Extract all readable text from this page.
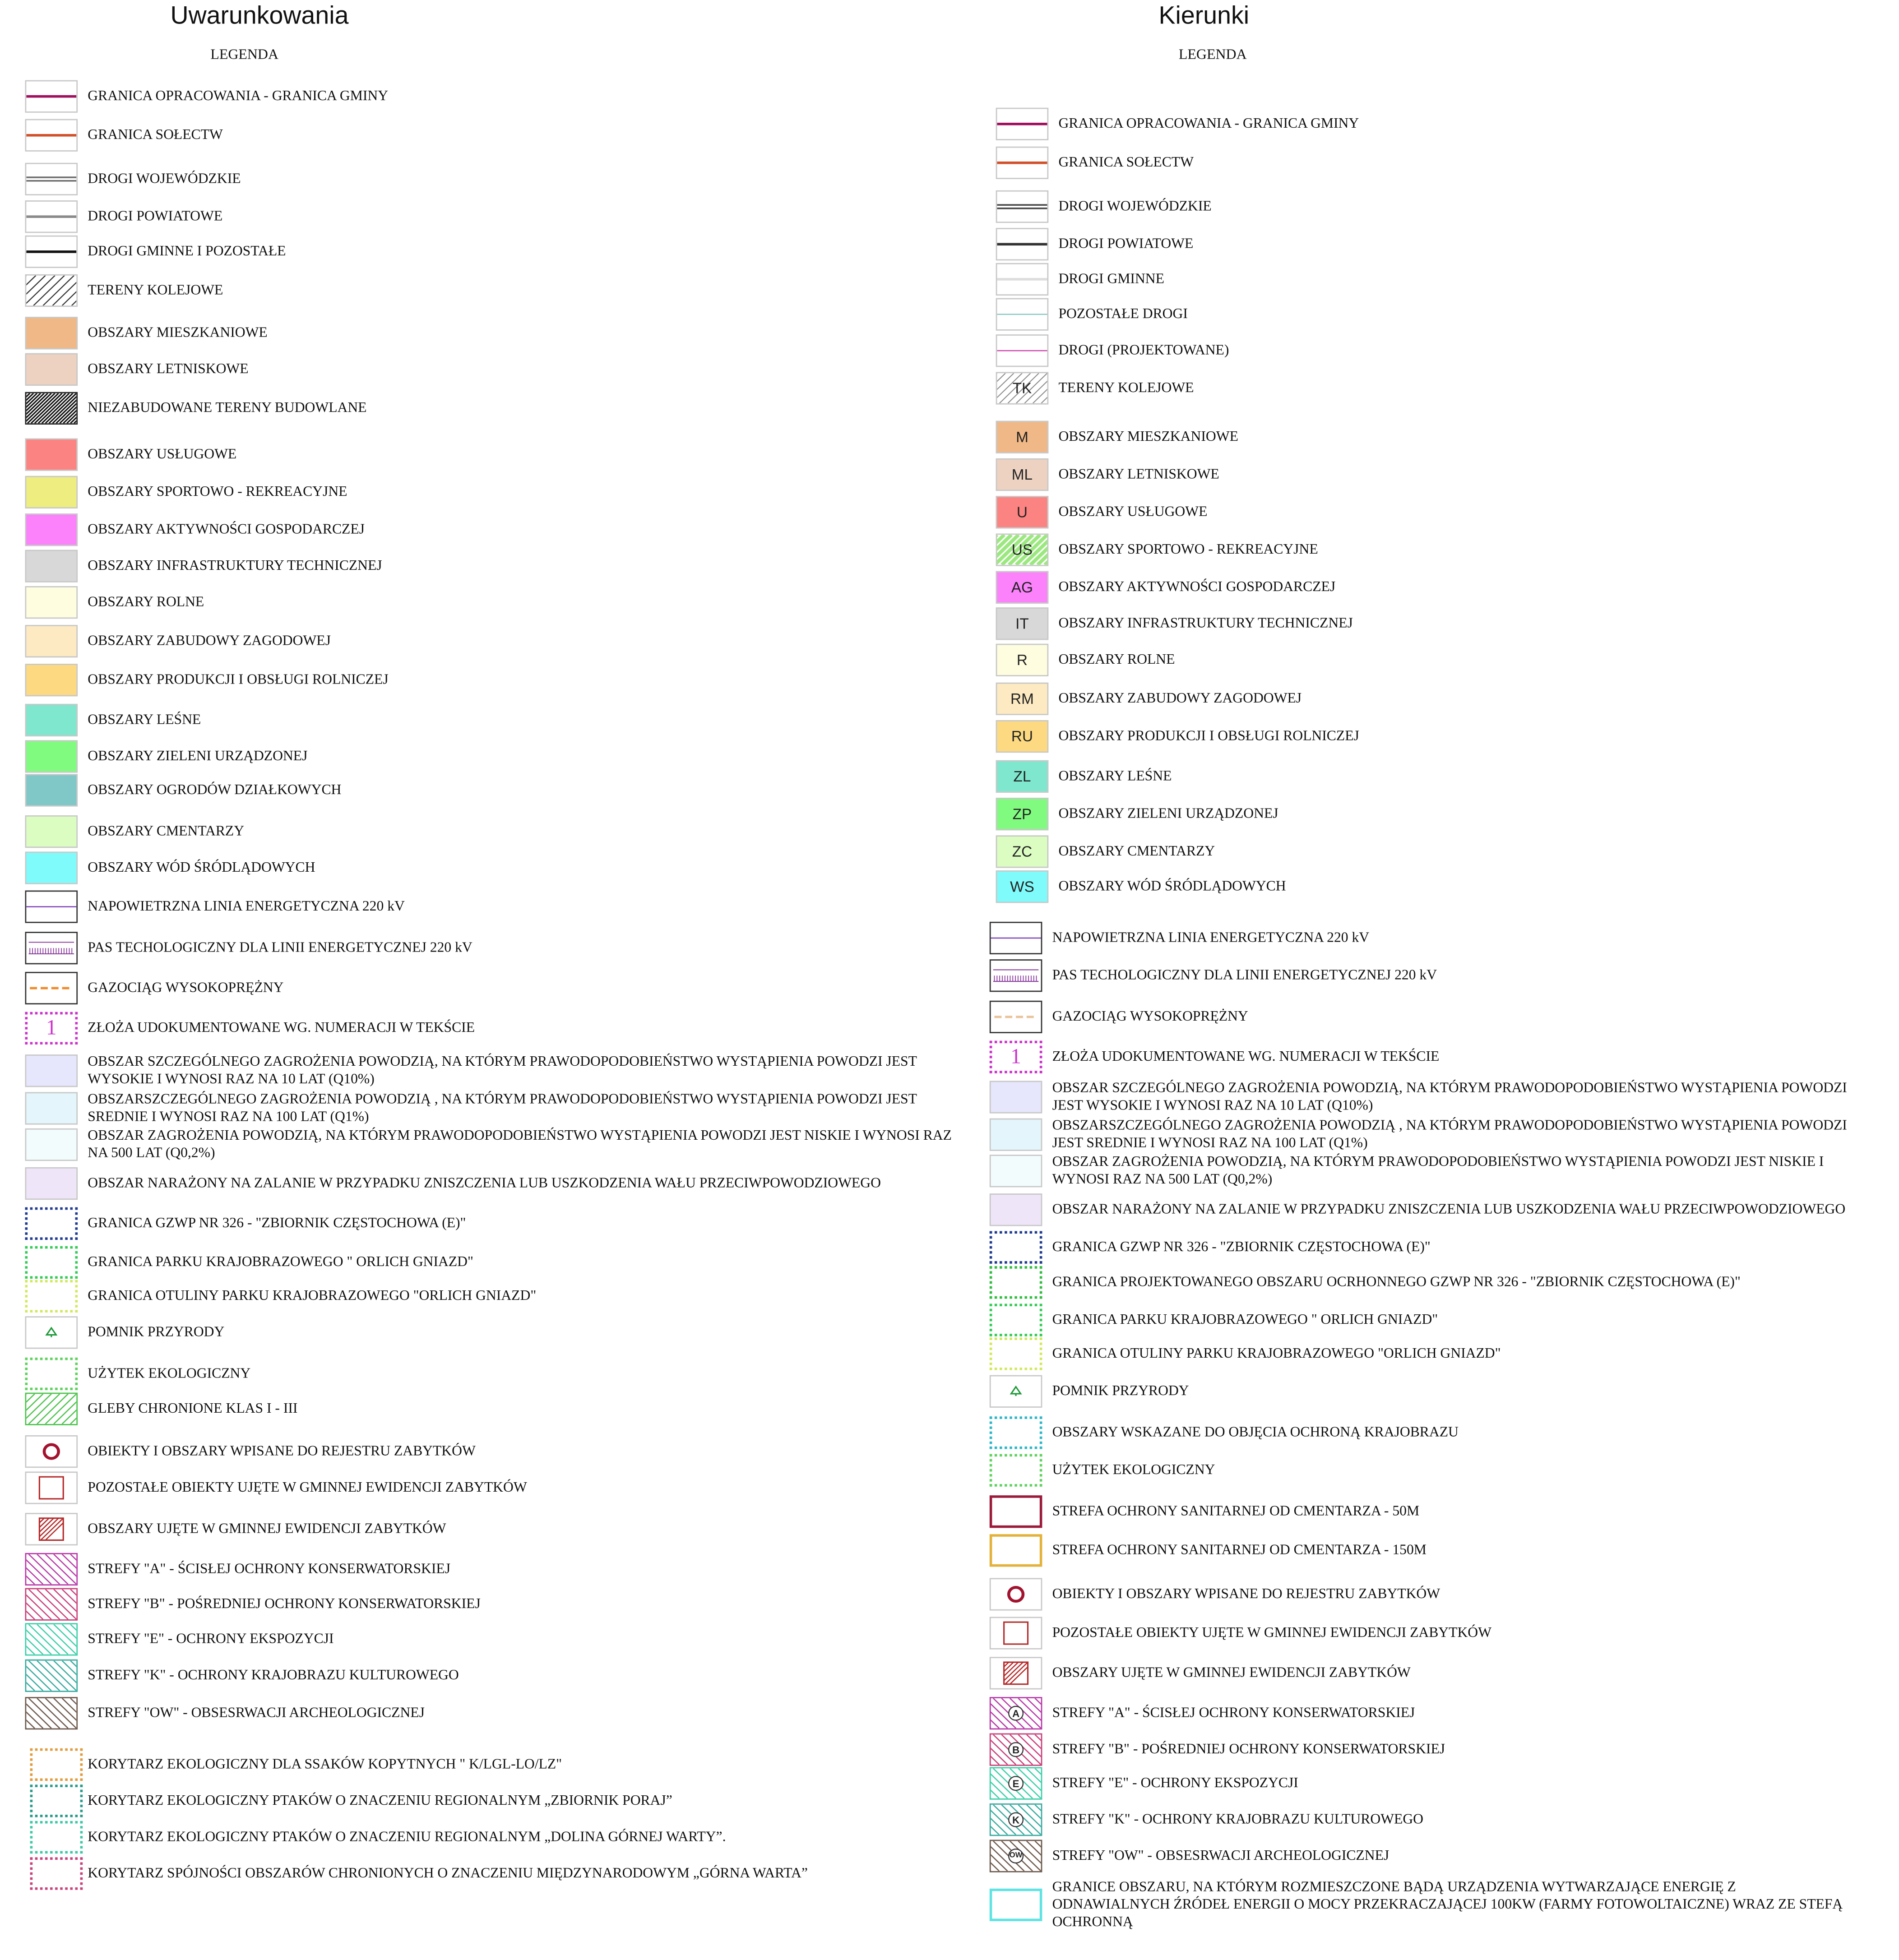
Uwarunkowania
LEGENDA
GRANICA OPRACOWANIA - GRANICA GMINY
GRANICA SOŁECTW
DROGI WOJEWÓDZKIE
DROGI POWIATOWE
DROGI GMINNE I POZOSTAŁE
TERENY KOLEJOWE
OBSZARY MIESZKANIOWE
OBSZARY LETNISKOWE
NIEZABUDOWANE TERENY BUDOWLANE
OBSZARY USŁUGOWE
OBSZARY SPORTOWO - REKREACYJNE
OBSZARY AKTYWNOŚCI GOSPODARCZEJ
OBSZARY INFRASTRUKTURY TECHNICZNEJ
OBSZARY ROLNE
OBSZARY ZABUDOWY ZAGODOWEJ
OBSZARY PRODUKCJI I OBSŁUGI ROLNICZEJ
OBSZARY LEŚNE
OBSZARY ZIELENI URZĄDZONEJ
OBSZARY OGRODÓW DZIAŁKOWYCH
OBSZARY CMENTARZY
OBSZARY WÓD ŚRÓDLĄDOWYCH
NAPOWIETRZNA LINIA ENERGETYCZNA 220 kV
PAS TECHOLOGICZNY DLA LINII ENERGETYCZNEJ 220 kV
GAZOCIĄG WYSOKOPRĘŻNY
1	ZŁOŻA UDOKUMENTOWANE WG. NUMERACJI W TEKŚCIE
OBSZAR SZCZEGÓLNEGO ZAGROŻENIA POWODZIĄ, NA KTÓRYM PRAWODOPODOBIEŃSTWO WYSTĄPIENIA POWODZI JEST WYSOKIE I WYNOSI RAZ NA 10 LAT (Q10%)
OBSZARSZCZEGÓLNEGO ZAGROŻENIA POWODZIĄ , NA KTÓRYM PRAWODOPODOBIEŃSTWO WYSTĄPIENIA POWODZI JEST SREDNIE I WYNOSI RAZ NA 100 LAT (Q1%)
OBSZAR ZAGROŻENIA POWODZIĄ, NA KTÓRYM PRAWODOPODOBIEŃSTWO WYSTĄPIENIA POWODZI JEST NISKIE I WYNOSI RAZ NA 500 LAT (Q0,2%)
OBSZAR NARAŻONY NA ZALANIE W PRZYPADKU ZNISZCZENIA LUB USZKODZENIA WAŁU PRZECIWPOWODZIOWEGO
GRANICA GZWP NR 326 - "ZBIORNIK CZĘSTOCHOWA (E)"
GRANICA PARKU KRAJOBRAZOWEGO " ORLICH GNIAZD"
GRANICA OTULINY PARKU KRAJOBRAZOWEGO "ORLICH GNIAZD"
POMNIK PRZYRODY
UŻYTEK EKOLOGICZNY
GLEBY CHRONIONE KLAS I - III
OBIEKTY I OBSZARY WPISANE DO REJESTRU ZABYTKÓW
POZOSTAŁE OBIEKTY UJĘTE W GMINNEJ EWIDENCJI ZABYTKÓW
OBSZARY UJĘTE W GMINNEJ EWIDENCJI ZABYTKÓW
STREFY "A" - ŚCISŁEJ OCHRONY KONSERWATORSKIEJ
STREFY "B" - POŚREDNIEJ OCHRONY KONSERWATORSKIEJ
STREFY "E" - OCHRONY EKSPOZYCJI
STREFY "K" - OCHRONY KRAJOBRAZU KULTUROWEGO
STREFY "OW" - OBSESRWACJI ARCHEOLOGICZNEJ
KORYTARZ EKOLOGICZNY DLA SSAKÓW KOPYTNYCH " K/LGL-LO/LZ"
KORYTARZ EKOLOGICZNY PTAKÓW O ZNACZENIU REGIONALNYM „ZBIORNIK PORAJ”
KORYTARZ EKOLOGICZNY PTAKÓW O ZNACZENIU REGIONALNYM „DOLINA GÓRNEJ WARTY”.
KORYTARZ SPÓJNOŚCI OBSZARÓW CHRONIONYCH O ZNACZENIU MIĘDZYNARODOWYM „GÓRNA WARTA”
Kierunki
LEGENDA
GRANICA OPRACOWANIA - GRANICA GMINY
GRANICA SOŁECTW
DROGI WOJEWÓDZKIE
DROGI POWIATOWE
DROGI GMINNE
POZOSTAŁE DROGI
DROGI (PROJEKTOWANE)
TK	TERENY KOLEJOWE
M	OBSZARY MIESZKANIOWE
ML	OBSZARY LETNISKOWE
U	OBSZARY USŁUGOWE
US	OBSZARY SPORTOWO - REKREACYJNE
AG	OBSZARY AKTYWNOŚCI GOSPODARCZEJ
IT	OBSZARY INFRASTRUKTURY TECHNICZNEJ
R	OBSZARY ROLNE
RM	OBSZARY ZABUDOWY ZAGODOWEJ
RU	OBSZARY PRODUKCJI I OBSŁUGI ROLNICZEJ
ZL	OBSZARY LEŚNE
ZP	OBSZARY ZIELENI URZĄDZONEJ
ZC	OBSZARY CMENTARZY
WS	OBSZARY WÓD ŚRÓDLĄDOWYCH
NAPOWIETRZNA LINIA ENERGETYCZNA 220 kV
PAS TECHOLOGICZNY DLA LINII ENERGETYCZNEJ 220 kV
GAZOCIĄG WYSOKOPRĘŻNY
1	ZŁOŻA UDOKUMENTOWANE WG. NUMERACJI W TEKŚCIE
OBSZAR SZCZEGÓLNEGO ZAGROŻENIA POWODZIĄ, NA KTÓRYM PRAWODOPODOBIEŃSTWO WYSTĄPIENIA POWODZI JEST WYSOKIE I WYNOSI RAZ NA 10 LAT (Q10%)
OBSZARSZCZEGÓLNEGO ZAGROŻENIA POWODZIĄ , NA KTÓRYM PRAWODOPODOBIEŃSTWO WYSTĄPIENIA POWODZI JEST SREDNIE I WYNOSI RAZ NA 100 LAT (Q1%)
OBSZAR ZAGROŻENIA POWODZIĄ, NA KTÓRYM PRAWODOPODOBIEŃSTWO WYSTĄPIENIA POWODZI JEST NISKIE I WYNOSI RAZ NA 500 LAT (Q0,2%)
OBSZAR NARAŻONY NA ZALANIE W PRZYPADKU ZNISZCZENIA LUB USZKODZENIA WAŁU PRZECIWPOWODZIOWEGO
GRANICA GZWP NR 326 - "ZBIORNIK CZĘSTOCHOWA (E)"
GRANICA PROJEKTOWANEGO OBSZARU OCRHONNEGO GZWP NR 326 - "ZBIORNIK CZĘSTOCHOWA (E)"
GRANICA PARKU KRAJOBRAZOWEGO " ORLICH GNIAZD"
GRANICA OTULINY PARKU KRAJOBRAZOWEGO "ORLICH GNIAZD"
POMNIK PRZYRODY
OBSZARY WSKAZANE DO OBJĘCIA OCHRONĄ KRAJOBRAZU
UŻYTEK EKOLOGICZNY
STREFA OCHRONY SANITARNEJ OD CMENTARZA - 50M
STREFA OCHRONY SANITARNEJ OD CMENTARZA - 150M
OBIEKTY I OBSZARY WPISANE DO REJESTRU ZABYTKÓW
POZOSTAŁE OBIEKTY UJĘTE W GMINNEJ EWIDENCJI ZABYTKÓW
OBSZARY UJĘTE W GMINNEJ EWIDENCJI ZABYTKÓW
A	STREFY "A" - ŚCISŁEJ OCHRONY KONSERWATORSKIEJ
B	STREFY "B" - POŚREDNIEJ OCHRONY KONSERWATORSKIEJ
E	STREFY "E" - OCHRONY EKSPOZYCJI
K	STREFY "K" - OCHRONY KRAJOBRAZU KULTUROWEGO
OW	STREFY "OW" - OBSESRWACJI ARCHEOLOGICZNEJ
GRANICE OBSZARU, NA KTÓRYM ROZMIESZCZONE BĄDĄ URZĄDZENIA WYTWARZAJĄCE ENERGIĘ Z ODNAWIALNYCH ŹRÓDEŁ ENERGII O MOCY PRZEKRACZAJĄCEJ 100KW (FARMY FOTOWOLTAICZNE) WRAZ ZE STEFĄ OCHRONNĄ
